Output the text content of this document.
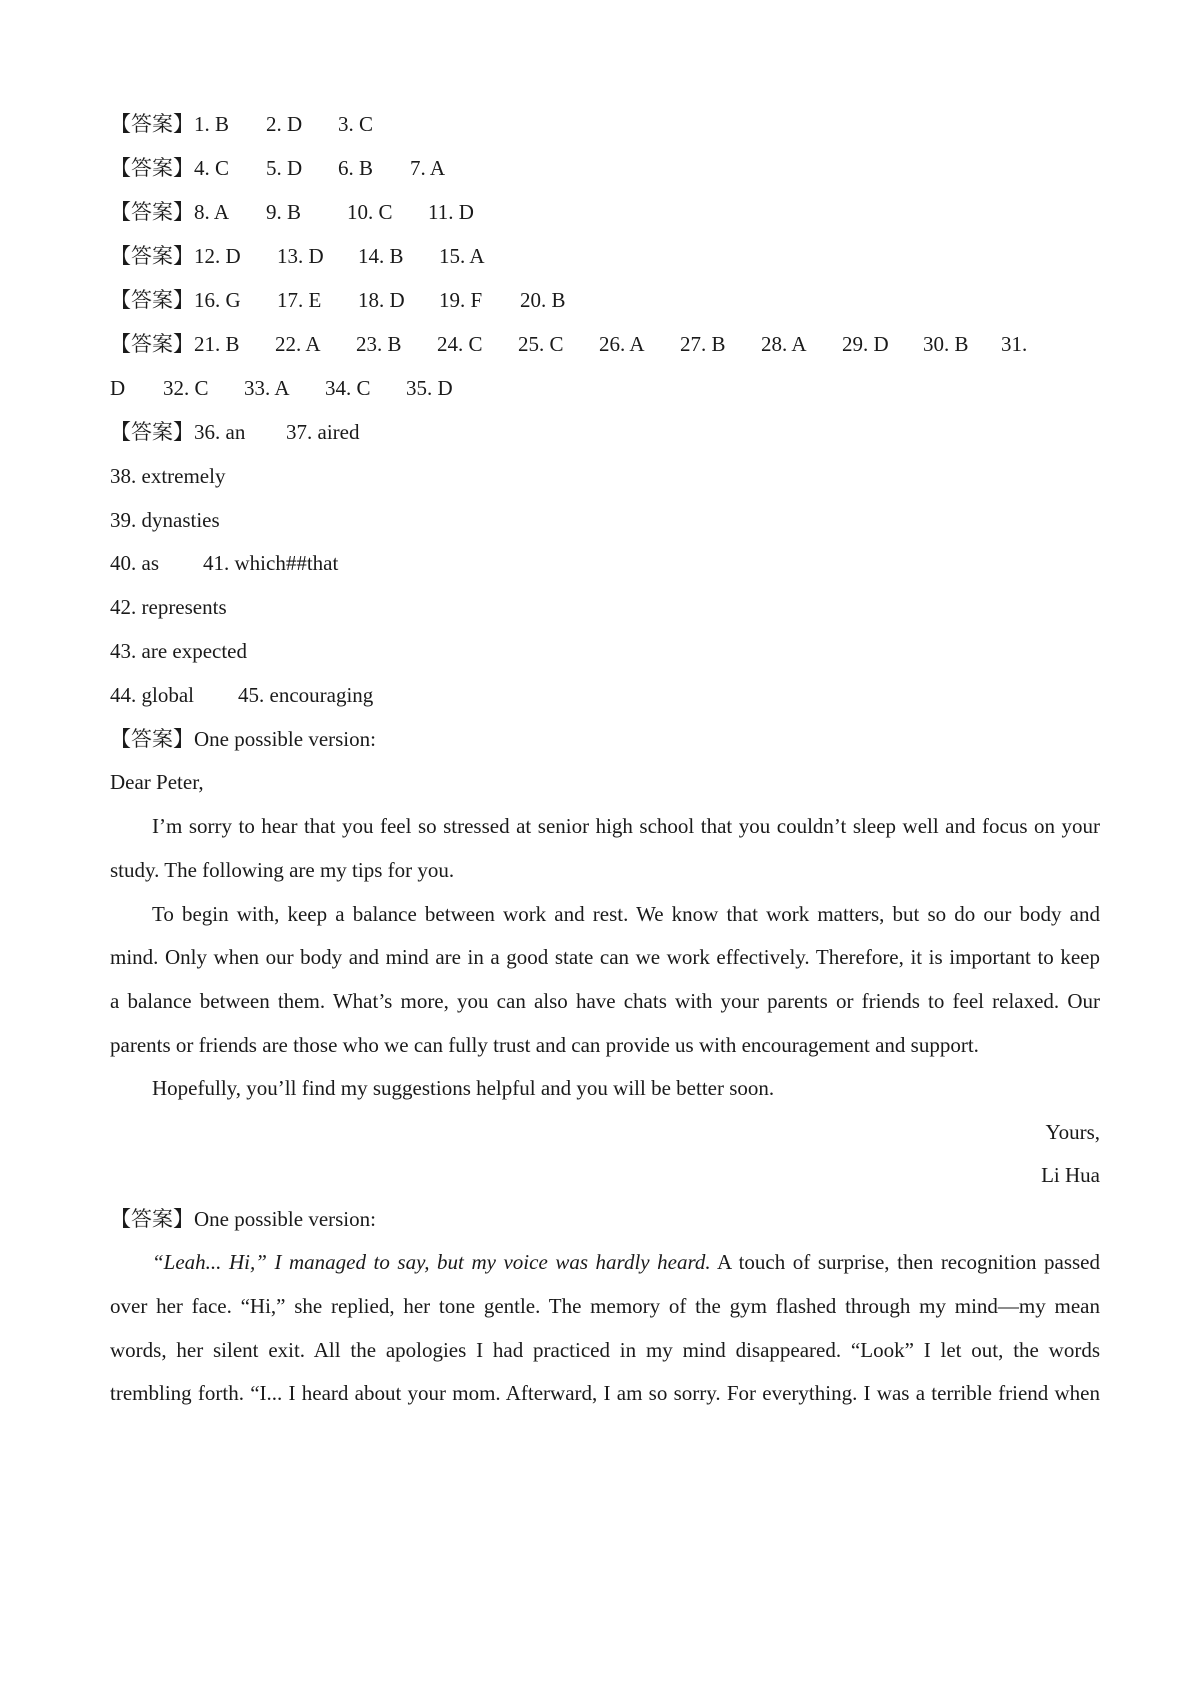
【答案】1. B 2. D 3. C
【答案】4. C 5. D 6. B 7. A
【答案】8. A 9. B 10. C 11. D
【答案】12. D 13. D 14. B 15. A
【答案】16. G 17. E 18. D 19. F 20. B
【答案】21. B 22. A 23. B 24. C 25. C 26. A 27. B 28. A 29. D 30. B 31.
D 32. C 33. A 34. C 35. D
【答案】36. an 37. aired
38. extremely
39. dynasties
40. as 41. which##that
42. represents
43. are expected
44. global 45. encouraging
【答案】One possible version:
Dear Peter,
I’m sorry to hear that you feel so stressed at senior high school that you couldn’t sleep well and focus on your
study. The following are my tips for you.
To begin with, keep a balance between work and rest. We know that work matters, but so do our body and
mind. Only when our body and mind are in a good state can we work effectively. Therefore, it is important to keep
a balance between them. What’s more, you can also have chats with your parents or friends to feel relaxed. Our
parents or friends are those who we can fully trust and can provide us with encouragement and support.
Hopefully, you’ll find my suggestions helpful and you will be better soon.
Yours,
Li Hua
【答案】One possible version:
“Leah... Hi,” I managed to say, but my voice was hardly heard. A touch of surprise, then recognition passed
over her face. “Hi,” she replied, her tone gentle. The memory of the gym flashed through my mind—my mean
words, her silent exit. All the apologies I had practiced in my mind disappeared. “Look” I let out, the words
trembling forth. “I... I heard about your mom. Afterward, I am so sorry. For everything. I was a terrible friend when
